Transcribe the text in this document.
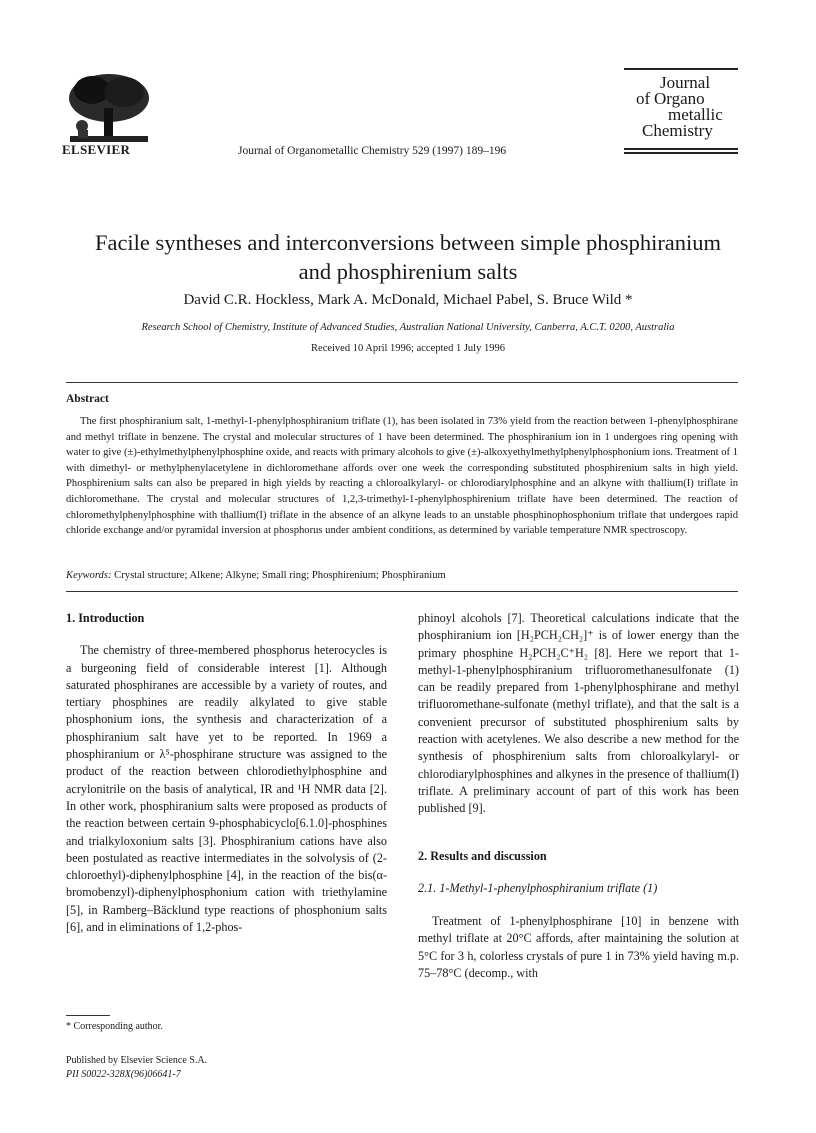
ELSEVIER	Journal of Organometallic Chemistry 529 (1997) 189–196
Journal
of Organo
metallic
Chemistry
Facile syntheses and interconversions between simple phosphiranium
and phosphirenium salts
David C.R. Hockless, Mark A. McDonald, Michael Pabel, S. Bruce Wild *
Research School of Chemistry, Institute of Advanced Studies, Australian National University, Canberra, A.C.T. 0200, Australia
Received 10 April 1996; accepted 1 July 1996
Abstract
The first phosphiranium salt, 1-methyl-1-phenylphosphiranium triflate (1), has been isolated in 73% yield from the reaction between 1-phenylphosphirane and methyl triflate in benzene. The crystal and molecular structures of 1 have been determined. The phosphiranium ion in 1 undergoes ring opening with water to give (±)-ethylmethylphenylphosphine oxide, and reacts with primary alcohols to give (±)-alkoxyethylmethylphenylphosphonium ions. Treatment of 1 with dimethyl- or methylphenylacetylene in dichloromethane affords over one week the corresponding substituted phosphirenium salts in high yield. Phosphirenium salts can also be prepared in high yields by reacting a chloroalkylaryl- or chlorodiarylphosphine and an alkyne with thallium(I) triflate in dichloromethane. The crystal and molecular structures of 1,2,3-trimethyl-1-phenylphosphirenium triflate have been determined. The reaction of chloromethylphenylphosphine with thallium(I) triflate in the absence of an alkyne leads to an unstable phosphinophosphonium triflate that undergoes rapid chloride exchange and/or pyramidal inversion at phosphorus under ambient conditions, as determined by variable temperature NMR spectroscopy.
Keywords: Crystal structure; Alkene; Alkyne; Small ring; Phosphirenium; Phosphiranium
1. Introduction

The chemistry of three-membered phosphorus heterocycles is a burgeoning field of considerable interest [1]. Although saturated phosphiranes are accessible by a variety of routes, and tertiary phosphines are readily alkylated to give stable phosphonium ions, the synthesis and characterization of a phosphiranium salt have yet to be reported. In 1969 a phosphiranium or λ⁵-phosphirane structure was assigned to the product of the reaction between chlorodiethylphosphine and acrylonitrile on the basis of analytical, IR and ¹H NMR data [2]. In other work, phosphiranium salts were proposed as products of the reaction between certain 9-phosphabicyclo[6.1.0]-phosphines and trialkyloxonium salts [3]. Phosphiranium cations have also been postulated as reactive intermediates in the solvolysis of (2-chloroethyl)-diphenylphosphine [4], in the reaction of the bis(α-bromobenzyl)-diphenylphosphonium cation with triethylamine [5], in Ramberg–Bäcklund type reactions of phosphonium salts [6], and in eliminations of 1,2-phos-

* Corresponding author.
Published by Elsevier Science S.A.
PII S0022-328X(96)06641-7

phinoyl alcohols [7]. Theoretical calculations indicate that the phosphiranium ion [H₂PCH₂CH₂]⁺ is of lower energy than the primary phosphine H₂PCH₂C⁺H₂ [8]. Here we report that 1-methyl-1-phenylphosphiranium trifluoromethanesulfonate (1) can be readily prepared from 1-phenylphosphirane and methyl trifluoromethane-sulfonate (methyl triflate), and that the salt is a convenient precursor of substituted phosphirenium salts by reaction with acetylenes. We also describe a new method for the synthesis of phosphirenium salts from chloroalkylaryl- or chlorodiarylphosphines and alkynes in the presence of thallium(I) triflate. A preliminary account of part of this work has been published [9].

2. Results and discussion
2.1. 1-Methyl-1-phenylphosphiranium triflate (1)

Treatment of 1-phenylphosphirane [10] in benzene with methyl triflate at 20°C affords, after maintaining the solution at 5°C for 3 h, colorless crystals of pure 1 in 73% yield having m.p. 75–78°C (decomp., with
